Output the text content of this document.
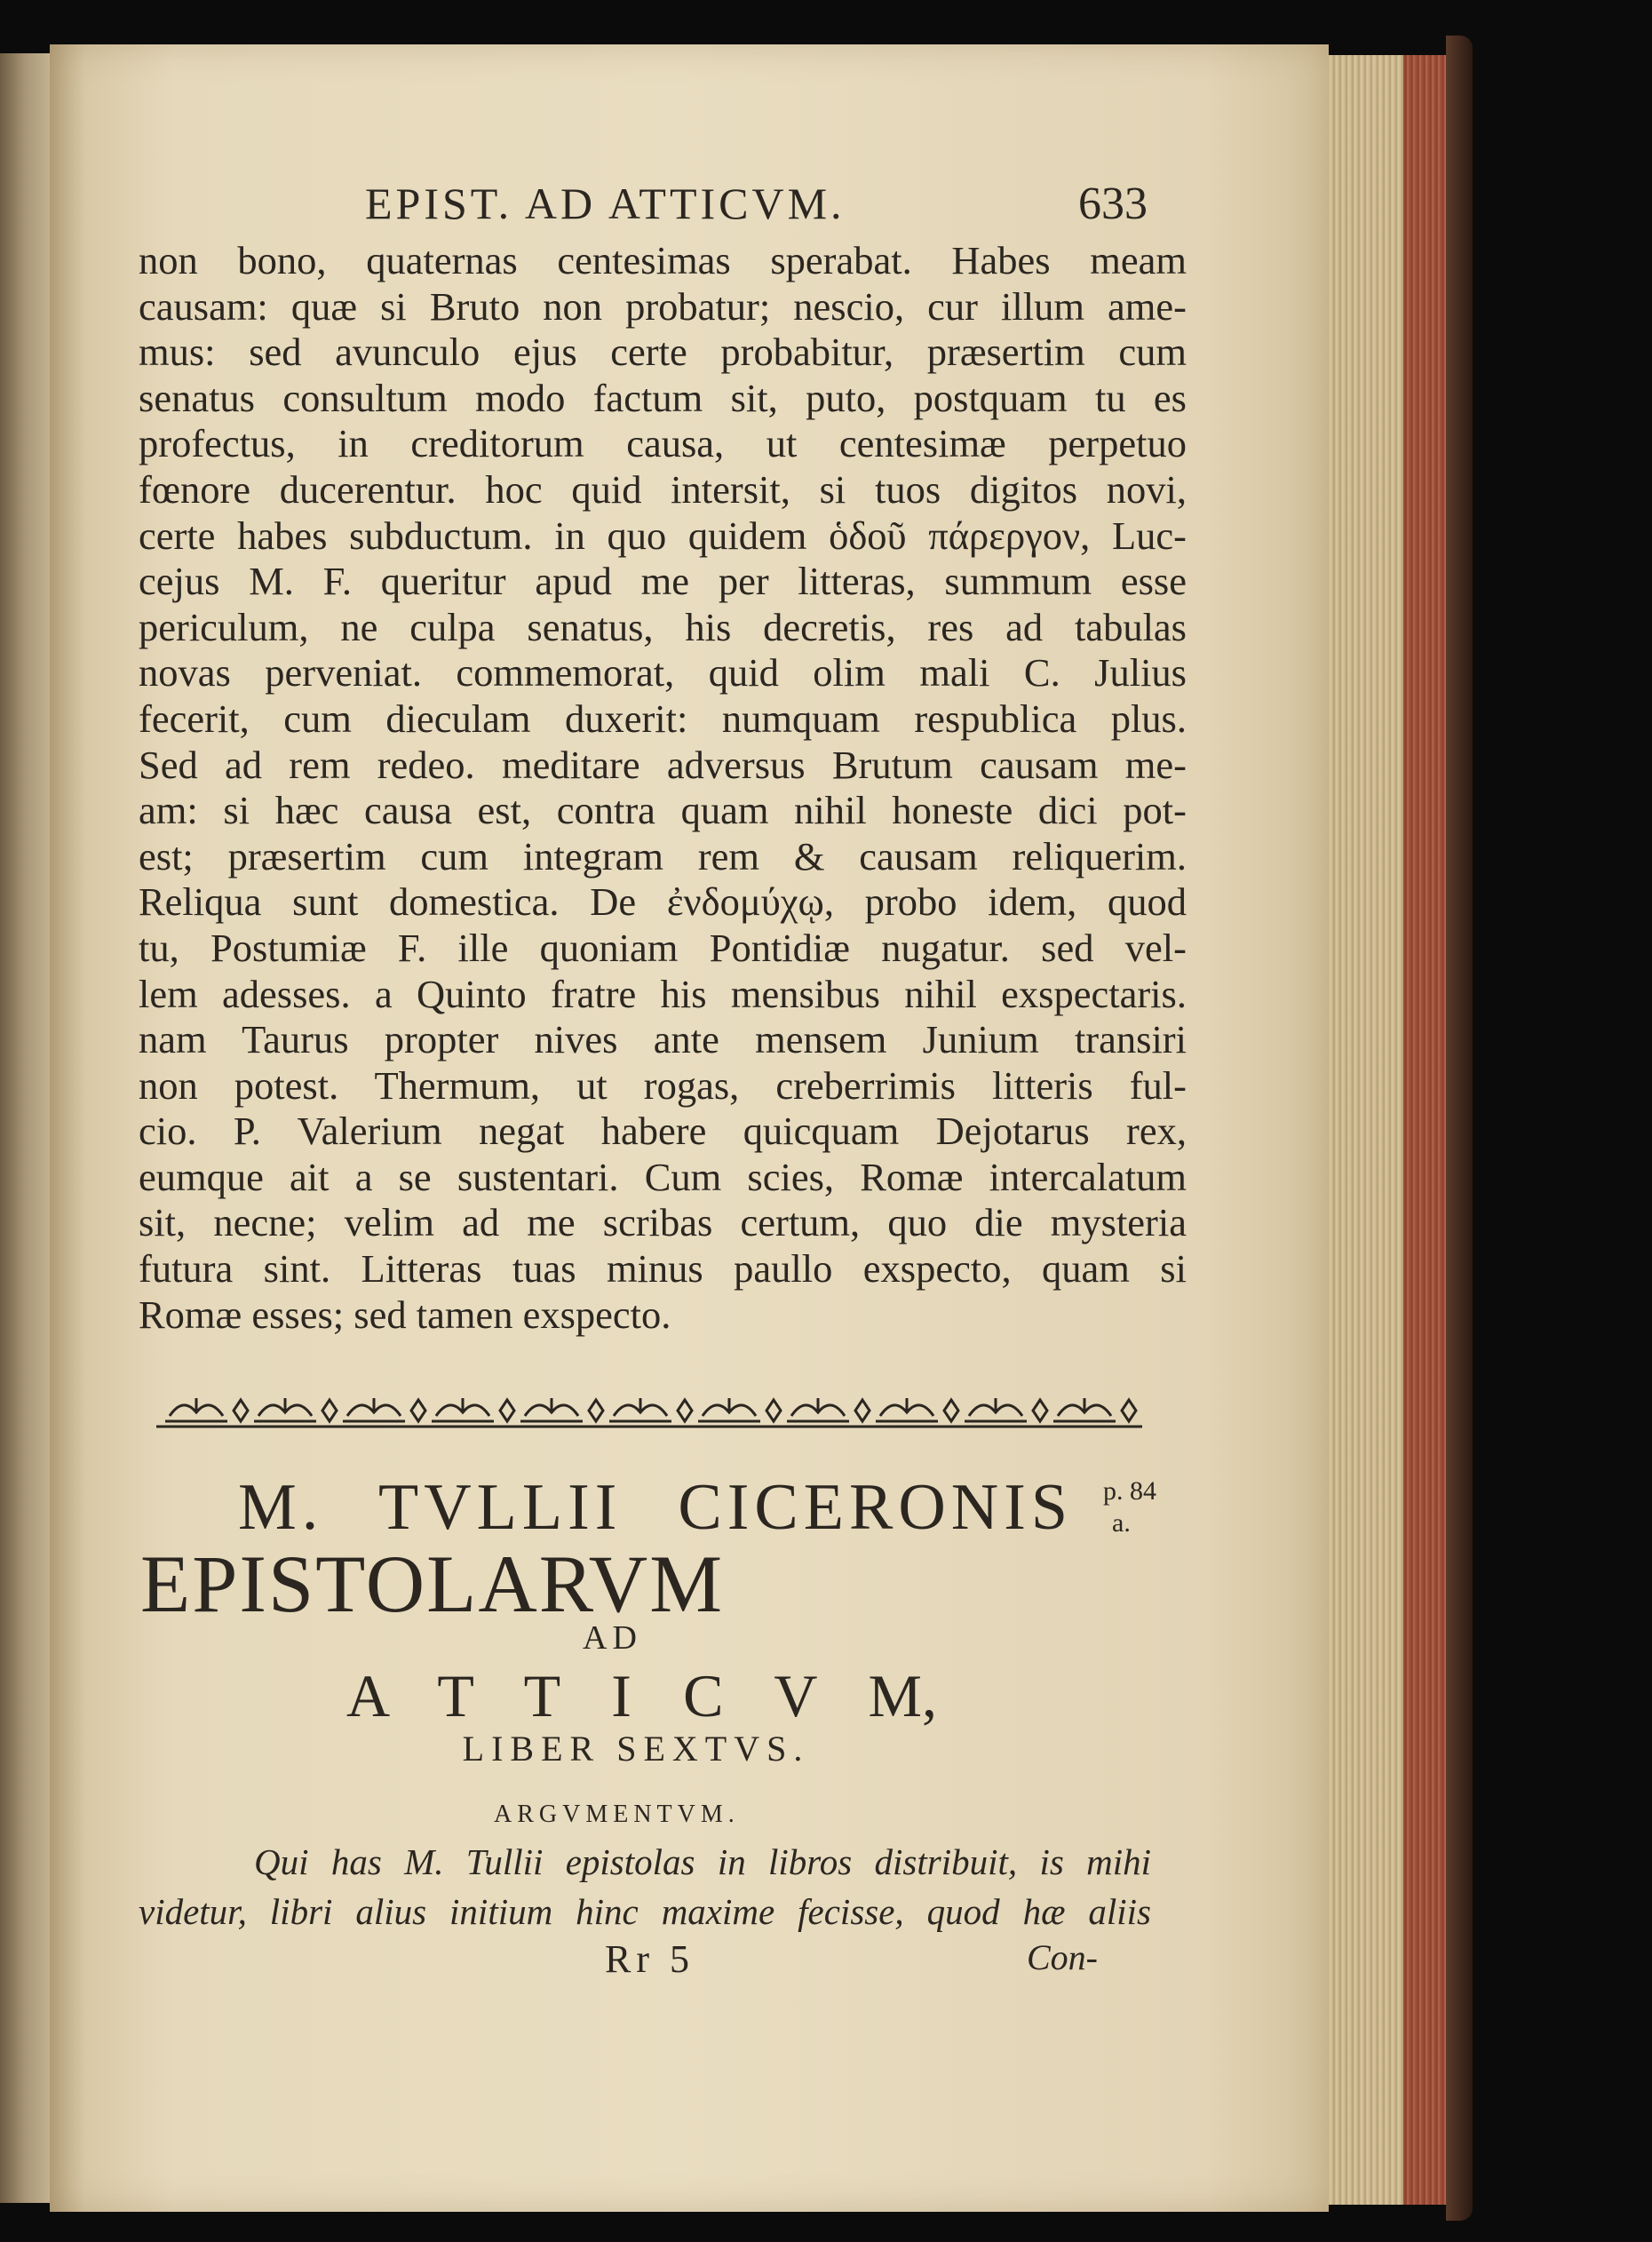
EPIST. AD ATTICVM.	633
non bono, quaternas centesimas sperabat. Habes meam
causam: quæ si Bruto non probatur; nescio, cur illum ame-
mus: sed avunculo ejus certe probabitur, præsertim cum
senatus consultum modo factum sit, puto, postquam tu es
profectus, in creditorum causa, ut centesimæ perpetuo
fœnore ducerentur. hoc quid intersit, si tuos digitos novi,
certe habes subductum. in quo quidem ὁδοῦ πάρεργον, Luc-
cejus M. F. queritur apud me per litteras, summum esse
periculum, ne culpa senatus, his decretis, res ad tabulas
novas perveniat. commemorat, quid olim mali C. Julius
fecerit, cum dieculam duxerit: numquam respublica plus.
Sed ad rem redeo. meditare adversus Brutum causam me-
am: si hæc causa est, contra quam nihil honeste dici pot-
est; præsertim cum integram rem & causam reliquerim.
Reliqua sunt domestica. De ἐνδομύχῳ, probo idem, quod
tu, Postumiæ F. ille quoniam Pontidiæ nugatur. sed vel-
lem adesses. a Quinto fratre his mensibus nihil exspectaris.
nam Taurus propter nives ante mensem Junium transiri
non potest. Thermum, ut rogas, creberrimis litteris ful-
cio. P. Valerium negat habere quicquam Dejotarus rex,
eumque ait a se sustentari. Cum scies, Romæ intercalatum
sit, necne; velim ad me scribas certum, quo die mysteria
futura sint. Litteras tuas minus paullo exspecto, quam si
Romæ esses; sed tamen exspecto.
M. TVLLII CICERONIS p. 84
a.
EPISTOLARVM
AD
A T T I C V M,
LIBER SEXTVS.
ARGVMENTVM.
Qui has M. Tullii epistolas in libros distribuit, is mihi
videtur, libri alius initium hinc maxime fecisse, quod hæ aliis
Rr 5	Con-
